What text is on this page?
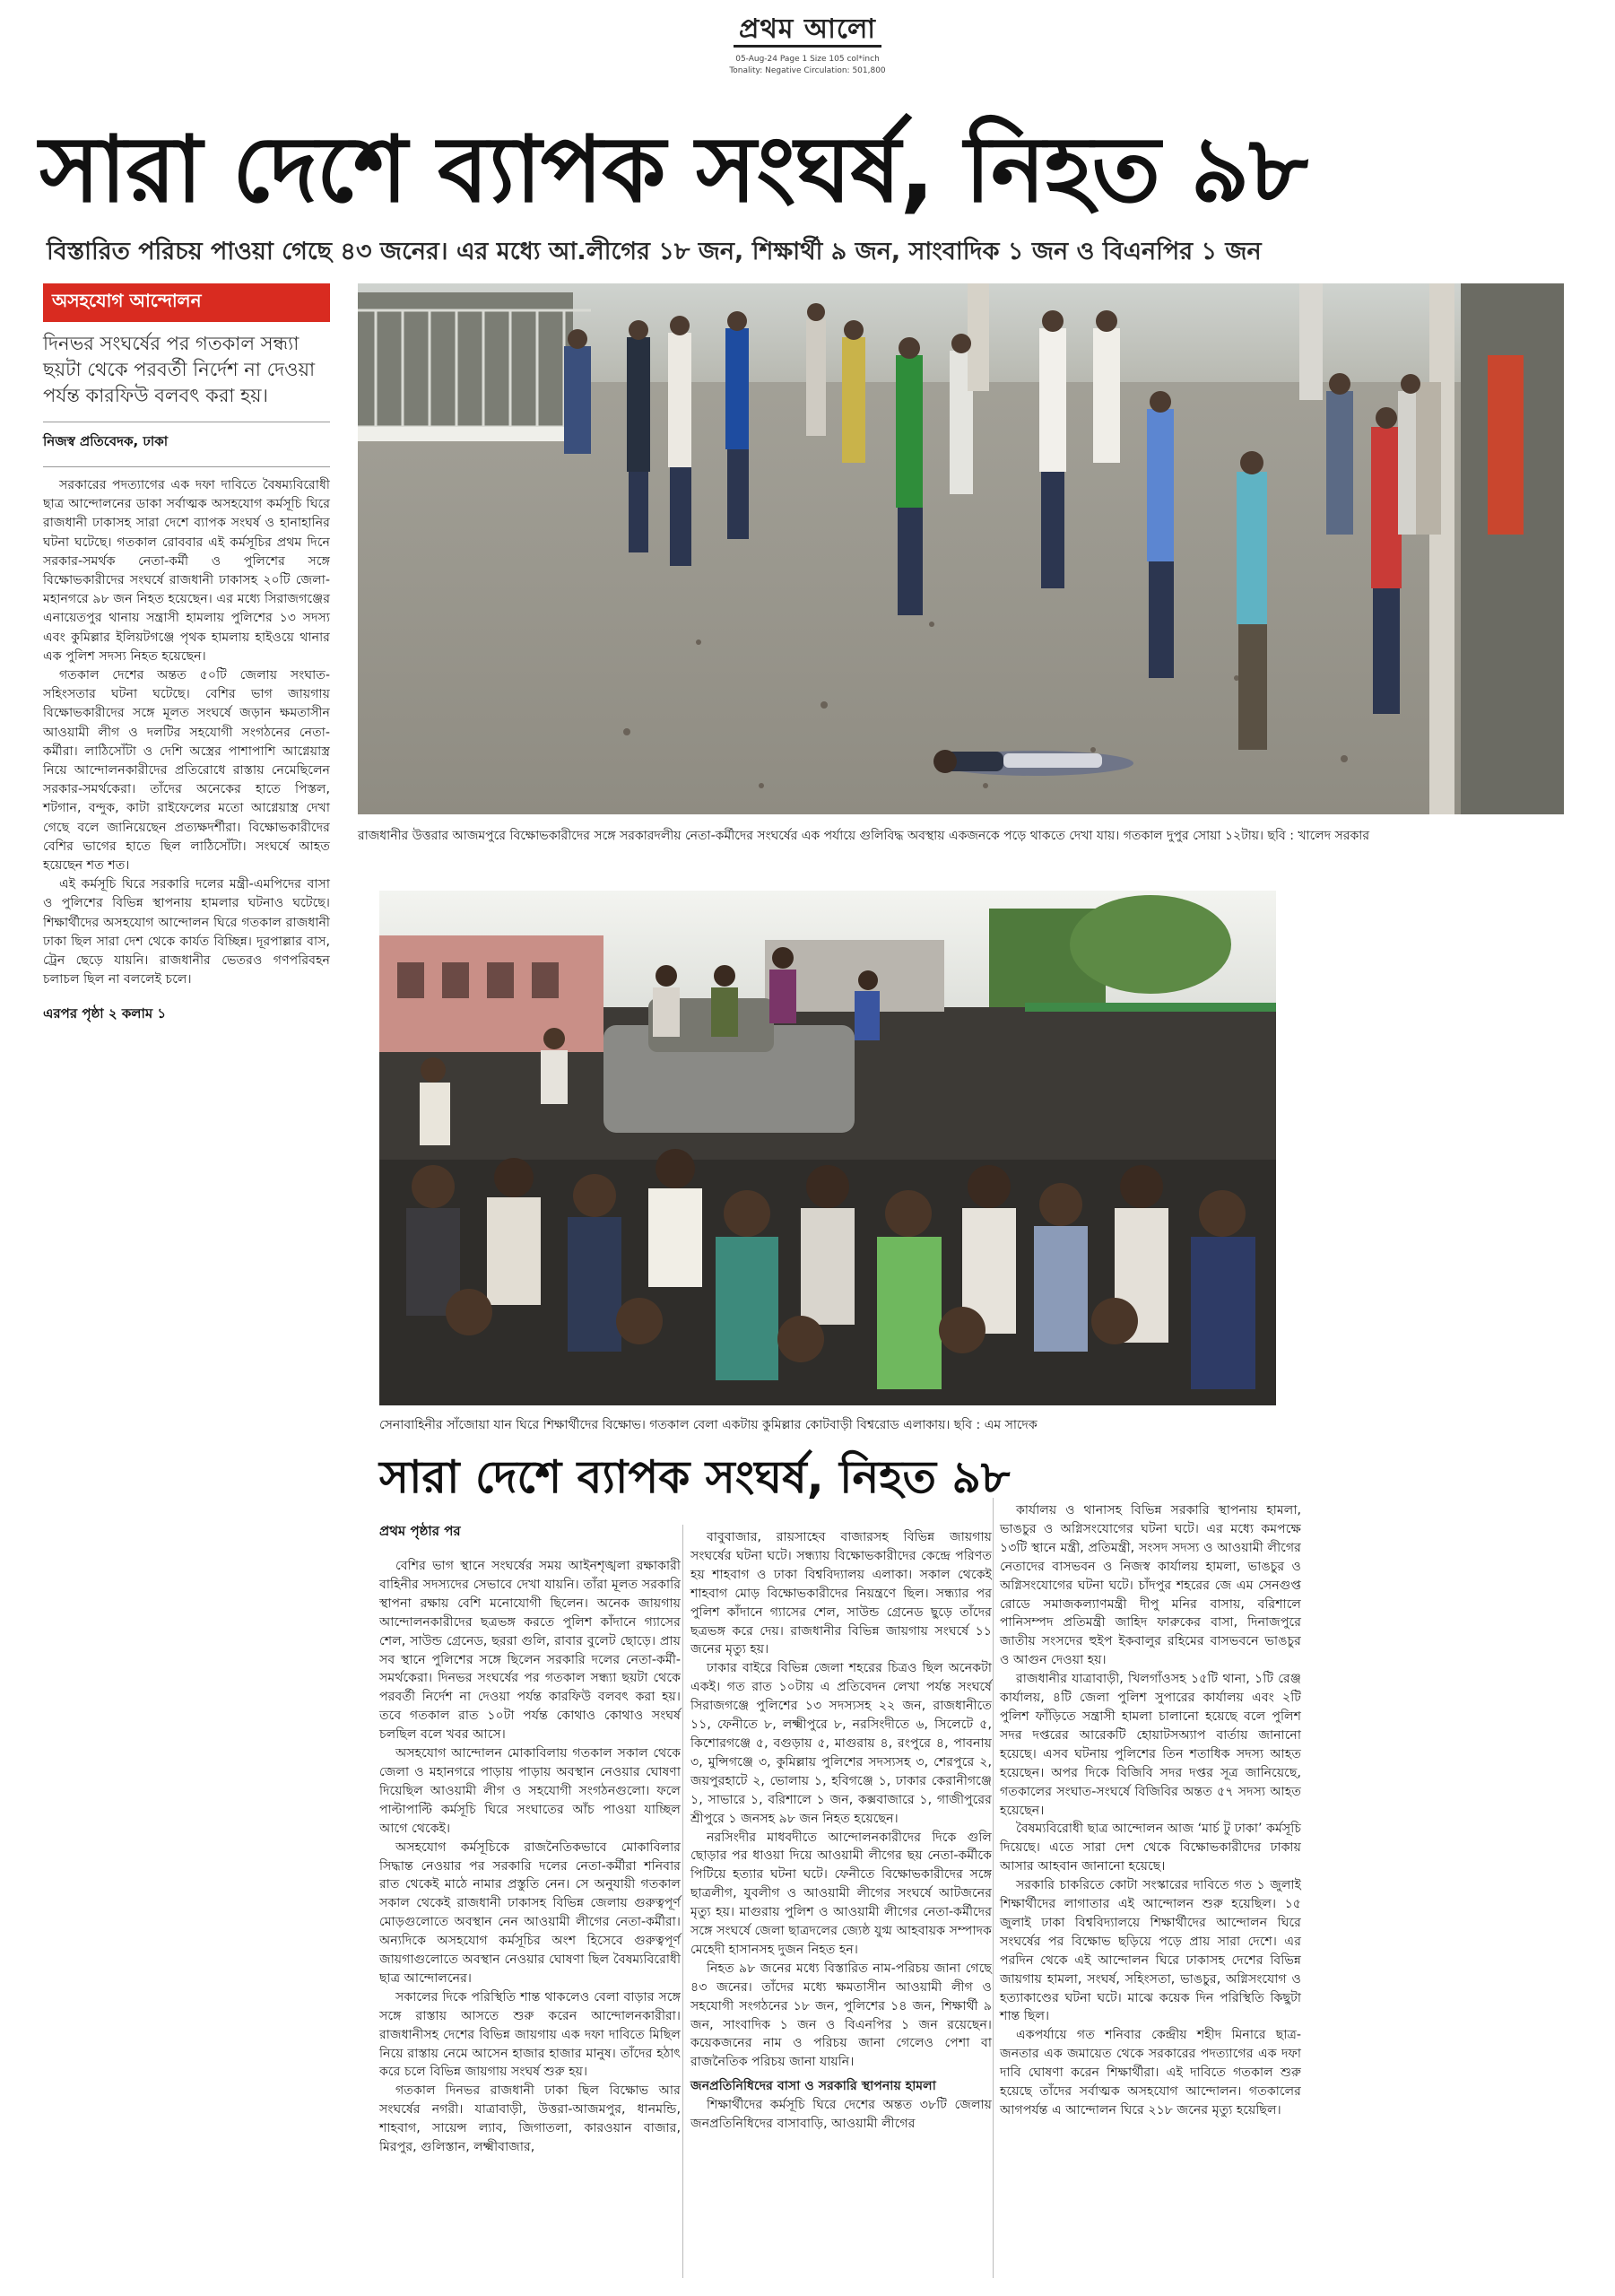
প্রথম আলো
05-Aug-24 Page 1 Size 105 col*inch
Tonality: Negative Circulation: 501,800
সারা দেশে ব্যাপক সংঘর্ষ, নিহত ৯৮
বিস্তারিত পরিচয় পাওয়া গেছে ৪৩ জনের। এর মধ্যে আ.লীগের ১৮ জন, শিক্ষার্থী ৯ জন, সাংবাদিক ১ জন ও বিএনপির ১ জন
অসহযোগ আন্দোলন
দিনভর সংঘর্ষের পর গতকাল সন্ধ্যা ছয়টা থেকে পরবর্তী নির্দেশ না দেওয়া পর্যন্ত কারফিউ বলবৎ করা হয়।
নিজস্ব প্রতিবেদক, ঢাকা

সরকারের পদত্যাগের এক দফা দাবিতে বৈষম্যবিরোধী ছাত্র আন্দোলনের ডাকা সর্বাত্মক অসহযোগ কর্মসূচি ঘিরে রাজধানী ঢাকাসহ সারা দেশে ব্যাপক সংঘর্ষ ও হানাহানির ঘটনা ঘটেছে। গতকাল রোববার এই কর্মসূচির প্রথম দিনে সরকার-সমর্থক নেতা-কর্মী ও পুলিশের সঙ্গে বিক্ষোভকারীদের সংঘর্ষে রাজধানী ঢাকাসহ ২০টি জেলা-মহানগরে ৯৮ জন নিহত হয়েছেন। এর মধ্যে সিরাজগঞ্জের এনায়েতপুর থানায় সন্ত্রাসী হামলায় পুলিশের ১৩ সদস্য এবং কুমিল্লার ইলিয়টগঞ্জে পৃথক হামলায় হাইওয়ে থানার এক পুলিশ সদস্য নিহত হয়েছেন।

গতকাল দেশের অন্তত ৫০টি জেলায় সংঘাত-সহিংসতার ঘটনা ঘটেছে। বেশির ভাগ জায়গায় বিক্ষোভকারীদের সঙ্গে মূলত সংঘর্ষে জড়ান ক্ষমতাসীন আওয়ামী লীগ ও দলটির সহযোগী সংগঠনের নেতা-কর্মীরা। লাঠিসোঁটা ও দেশি অস্ত্রের পাশাপাশি আগ্নেয়াস্ত্র নিয়ে আন্দোলনকারীদের প্রতিরোধে রাস্তায় নেমেছিলেন সরকার-সমর্থকেরা। তাঁদের অনেকের হাতে পিস্তল, শটগান, বন্দুক, কাটা রাইফেলের মতো আগ্নেয়াস্ত্র দেখা গেছে বলে জানিয়েছেন প্রত্যক্ষদর্শীরা। বিক্ষোভকারীদের বেশির ভাগের হাতে ছিল লাঠিসোঁটা। সংঘর্ষে আহত হয়েছেন শত শত।

এই কর্মসূচি ঘিরে সরকারি দলের মন্ত্রী-এমপিদের বাসা ও পুলিশের বিভিন্ন স্থাপনায় হামলার ঘটনাও ঘটেছে। শিক্ষার্থীদের অসহযোগ আন্দোলন ঘিরে গতকাল রাজধানী ঢাকা ছিল সারা দেশ থেকে কার্যত বিচ্ছিন্ন। দূরপাল্লার বাস, ট্রেন ছেড়ে যায়নি। রাজধানীর ভেতরও গণপরিবহন চলাচল ছিল না বললেই চলে।

এরপর পৃষ্ঠা ২ কলাম ১
রাজধানীর উত্তরার আজমপুরে বিক্ষোভকারীদের সঙ্গে সরকারদলীয় নেতা-কর্মীদের সংঘর্ষের এক পর্যায়ে গুলিবিদ্ধ অবস্থায় একজনকে পড়ে থাকতে দেখা যায়। গতকাল দুপুর সোয়া ১২টায়। ছবি : খালেদ সরকার
সেনাবাহিনীর সাঁজোয়া যান ঘিরে শিক্ষার্থীদের বিক্ষোভ। গতকাল বেলা একটায় কুমিল্লার কোটবাড়ী বিশ্বরোড এলাকায়। ছবি : এম সাদেক
সারা দেশে ব্যাপক সংঘর্ষ, নিহত ৯৮
প্রথম পৃষ্ঠার পর

বেশির ভাগ স্থানে সংঘর্ষের সময় আইনশৃঙ্খলা রক্ষাকারী বাহিনীর সদস্যদের সেভাবে দেখা যায়নি। তাঁরা মূলত সরকারি স্থাপনা রক্ষায় বেশি মনোযোগী ছিলেন। অনেক জায়গায় আন্দোলনকারীদের ছত্রভঙ্গ করতে পুলিশ কাঁদানে গ্যাসের শেল, সাউন্ড গ্রেনেড, ছররা গুলি, রাবার বুলেট ছোড়ে। প্রায় সব স্থানে পুলিশের সঙ্গে ছিলেন সরকারি দলের নেতা-কর্মী-সমর্থকেরা। দিনভর সংঘর্ষের পর গতকাল সন্ধ্যা ছয়টা থেকে পরবর্তী নির্দেশ না দেওয়া পর্যন্ত কারফিউ বলবৎ করা হয়। তবে গতকাল রাত ১০টা পর্যন্ত কোথাও কোথাও সংঘর্ষ চলছিল বলে খবর আসে।

অসহযোগ আন্দোলন মোকাবিলায় গতকাল সকাল থেকে জেলা ও মহানগরে পাড়ায় পাড়ায় অবস্থান নেওয়ার ঘোষণা দিয়েছিল আওয়ামী লীগ ও সহযোগী সংগঠনগুলো। ফলে পাল্টাপাল্টি কর্মসূচি ঘিরে সংঘাতের আঁচ পাওয়া যাচ্ছিল আগে থেকেই।

অসহযোগ কর্মসূচিকে রাজনৈতিকভাবে মোকাবিলার সিদ্ধান্ত নেওয়ার পর সরকারি দলের নেতা-কর্মীরা শনিবার রাত থেকেই মাঠে নামার প্রস্তুতি নেন। সে অনুযায়ী গতকাল সকাল থেকেই রাজধানী ঢাকাসহ বিভিন্ন জেলায় গুরুত্বপূর্ণ মোড়গুলোতে অবস্থান নেন আওয়ামী লীগের নেতা-কর্মীরা। অন্যদিকে অসহযোগ কর্মসূচির অংশ হিসেবে গুরুত্বপূর্ণ জায়গাগুলোতে অবস্থান নেওয়ার ঘোষণা ছিল বৈষম্যবিরোধী ছাত্র আন্দোলনের।

সকালের দিকে পরিস্থিতি শান্ত থাকলেও বেলা বাড়ার সঙ্গে সঙ্গে রাস্তায় আসতে শুরু করেন আন্দোলনকারীরা। রাজধানীসহ দেশের বিভিন্ন জায়গায় এক দফা দাবিতে মিছিল নিয়ে রাস্তায় নেমে আসেন হাজার হাজার মানুষ। তাঁদের হঠাৎ করে চলে বিভিন্ন জায়গায় সংঘর্ষ শুরু হয়।

গতকাল দিনভর রাজধানী ঢাকা ছিল বিক্ষোভ আর সংঘর্ষের নগরী। যাত্রাবাড়ী, উত্তরা-আজমপুর, ধানমন্ডি, শাহবাগ, সায়েন্স ল্যাব, জিগাতলা, কারওয়ান বাজার, মিরপুর, গুলিস্তান, লক্ষ্মীবাজার,

বাবুবাজার, রায়সাহেব বাজারসহ বিভিন্ন জায়গায় সংঘর্ষের ঘটনা ঘটে। সন্ধ্যায় বিক্ষোভকারীদের কেন্দ্রে পরিণত হয় শাহবাগ ও ঢাকা বিশ্ববিদ্যালয় এলাকা। সকাল থেকেই শাহবাগ মোড় বিক্ষোভকারীদের নিয়ন্ত্রণে ছিল। সন্ধ্যার পর পুলিশ কাঁদানে গ্যাসের শেল, সাউন্ড গ্রেনেড ছুড়ে তাঁদের ছত্রভঙ্গ করে দেয়। রাজধানীর বিভিন্ন জায়গায় সংঘর্ষে ১১ জনের মৃত্যু হয়।

ঢাকার বাইরে বিভিন্ন জেলা শহরের চিত্রও ছিল অনেকটা একই। গত রাত ১০টায় এ প্রতিবেদন লেখা পর্যন্ত সংঘর্ষে সিরাজগঞ্জে পুলিশের ১৩ সদস্যসহ ২২ জন, রাজধানীতে ১১, ফেনীতে ৮, লক্ষ্মীপুরে ৮, নরসিংদীতে ৬, সিলেটে ৫, কিশোরগঞ্জে ৫, বগুড়ায় ৫, মাগুরায় ৪, রংপুরে ৪, পাবনায় ৩, মুন্সিগঞ্জে ৩, কুমিল্লায় পুলিশের সদস্যসহ ৩, শেরপুরে ২, জয়পুরহাটে ২, ভোলায় ১, হবিগঞ্জে ১, ঢাকার কেরানীগঞ্জে ১, সাভারে ১, বরিশালে ১ জন, কক্সবাজারে ১, গাজীপুরের শ্রীপুরে ১ জনসহ ৯৮ জন নিহত হয়েছেন।

নরসিংদীর মাধবদীতে আন্দোলনকারীদের দিকে গুলি ছোড়ার পর ধাওয়া দিয়ে আওয়ামী লীগের ছয় নেতা-কর্মীকে পিটিয়ে হত্যার ঘটনা ঘটে। ফেনীতে বিক্ষোভকারীদের সঙ্গে ছাত্রলীগ, যুবলীগ ও আওয়ামী লীগের সংঘর্ষে আটজনের মৃত্যু হয়। মাগুরায় পুলিশ ও আওয়ামী লীগের নেতা-কর্মীদের সঙ্গে সংঘর্ষে জেলা ছাত্রদলের জ্যেষ্ঠ যুগ্ম আহবায়ক সম্পাদক মেহেদী হাসানসহ দুজন নিহত হন।

নিহত ৯৮ জনের মধ্যে বিস্তারিত নাম-পরিচয় জানা গেছে ৪৩ জনের। তাঁদের মধ্যে ক্ষমতাসীন আওয়ামী লীগ ও সহযোগী সংগঠনের ১৮ জন, পুলিশের ১৪ জন, শিক্ষার্থী ৯ জন, সাংবাদিক ১ জন ও বিএনপির ১ জন রয়েছেন। কয়েকজনের নাম ও পরিচয় জানা গেলেও পেশা বা রাজনৈতিক পরিচয় জানা যায়নি।

জনপ্রতিনিধিদের বাসা ও সরকারি স্থাপনায় হামলা

শিক্ষার্থীদের কর্মসূচি ঘিরে দেশের অন্তত ৩৮টি জেলায় জনপ্রতিনিধিদের বাসাবাড়ি, আওয়ামী লীগের

কার্যালয় ও থানাসহ বিভিন্ন সরকারি স্থাপনায় হামলা, ভাঙচুর ও অগ্নিসংযোগের ঘটনা ঘটে। এর মধ্যে কমপক্ষে ১৩টি স্থানে মন্ত্রী, প্রতিমন্ত্রী, সংসদ সদস্য ও আওয়ামী লীগের নেতাদের বাসভবন ও নিজস্ব কার্যালয় হামলা, ভাঙচুর ও অগ্নিসংযোগের ঘটনা ঘটে। চাঁদপুর শহরের জে এম সেনগুপ্ত রোডে সমাজকল্যাণমন্ত্রী দীপু মনির বাসায়, বরিশালে পানিসম্পদ প্রতিমন্ত্রী জাহিদ ফারুকের বাসা, দিনাজপুরে জাতীয় সংসদের হুইপ ইকবালুর রহিমের বাসভবনে ভাঙচুর ও আগুন দেওয়া হয়।

রাজধানীর যাত্রাবাড়ী, খিলগাঁওসহ ১৫টি থানা, ১টি রেঞ্জ কার্যালয়, ৪টি জেলা পুলিশ সুপারের কার্যালয় এবং ২টি পুলিশ ফাঁড়িতে সন্ত্রাসী হামলা চালানো হয়েছে বলে পুলিশ সদর দপ্তরের আরেকটি হোয়াটসঅ্যাপ বার্তায় জানানো হয়েছে। এসব ঘটনায় পুলিশের তিন শতাধিক সদস্য আহত হয়েছেন। অপর দিকে বিজিবি সদর দপ্তর সূত্র জানিয়েছে, গতকালের সংঘাত-সংঘর্ষে বিজিবির অন্তত ৫৭ সদস্য আহত হয়েছেন।

বৈষম্যবিরোধী ছাত্র আন্দোলন আজ ‘মার্চ টু ঢাকা’ কর্মসূচি দিয়েছে। এতে সারা দেশ থেকে বিক্ষোভকারীদের ঢাকায় আসার আহবান জানানো হয়েছে।

সরকারি চাকরিতে কোটা সংস্কারের দাবিতে গত ১ জুলাই শিক্ষার্থীদের লাগাতার এই আন্দোলন শুরু হয়েছিল। ১৫ জুলাই ঢাকা বিশ্ববিদ্যালয়ে শিক্ষার্থীদের আন্দোলন ঘিরে সংঘর্ষের পর বিক্ষোভ ছড়িয়ে পড়ে প্রায় সারা দেশে। এর পরদিন থেকে এই আন্দোলন ঘিরে ঢাকাসহ দেশের বিভিন্ন জায়গায় হামলা, সংঘর্ষ, সহিংসতা, ভাঙচুর, অগ্নিসংযোগ ও হত্যাকাণ্ডের ঘটনা ঘটে। মাঝে কয়েক দিন পরিস্থিতি কিছুটা শান্ত ছিল।

একপর্যায়ে গত শনিবার কেন্দ্রীয় শহীদ মিনারে ছাত্র-জনতার এক জমায়েত থেকে সরকারের পদত্যাগের এক দফা দাবি ঘোষণা করেন শিক্ষার্থীরা। এই দাবিতে গতকাল শুরু হয়েছে তাঁদের সর্বাত্মক অসহযোগ আন্দোলন। গতকালের আগপর্যন্ত এ আন্দোলন ঘিরে ২১৮ জনের মৃত্যু হয়েছিল।
